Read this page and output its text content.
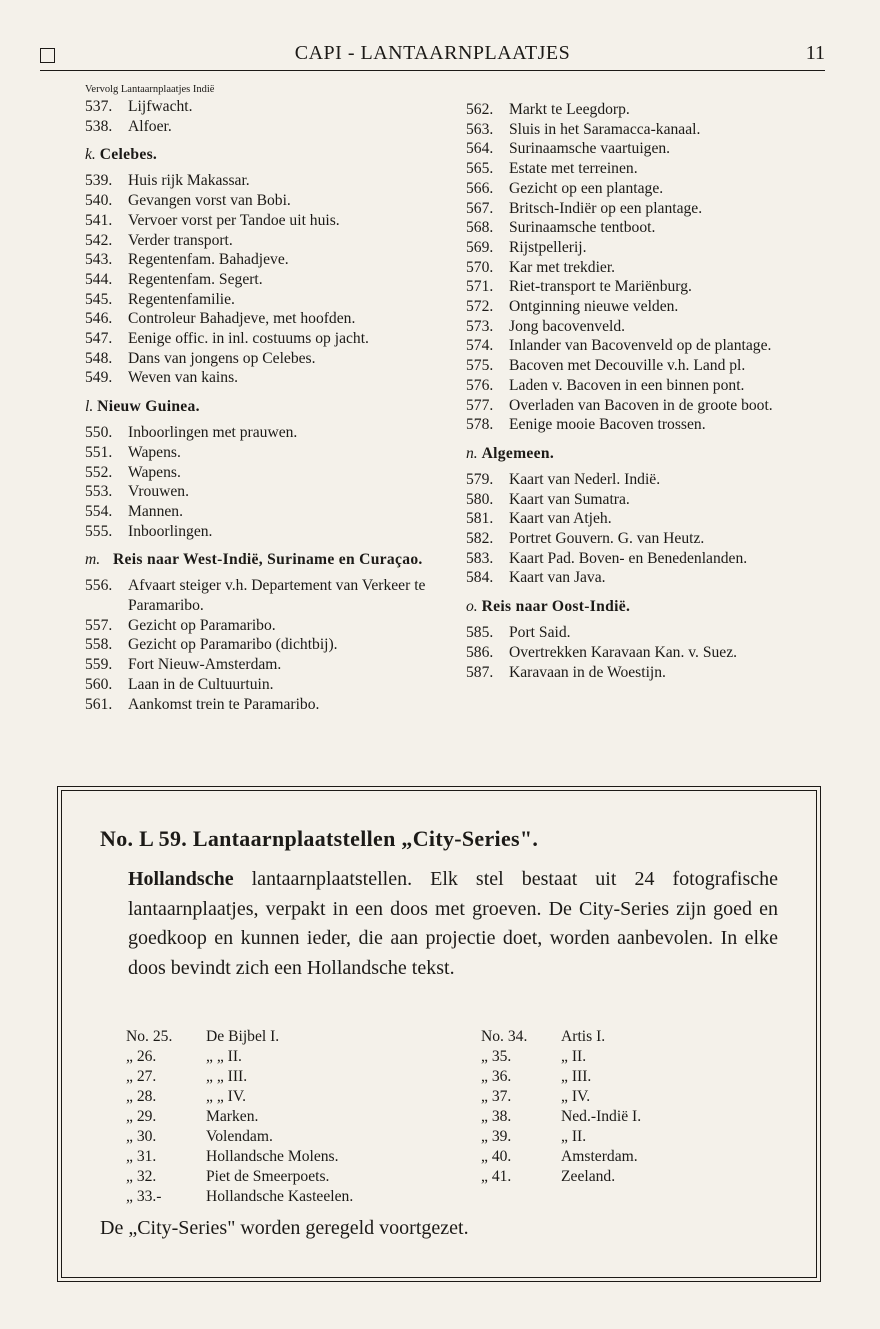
CAPI - LANTAARNPLAATJES	11
Vervolg Lantaarnplaatjes Indië
537.	Lijfwacht.
538.	Alfoer.
k. Celebes.
539.	Huis rijk Makassar.
540.	Gevangen vorst van Bobi.
541.	Vervoer vorst per Tandoe uit huis.
542.	Verder transport.
543.	Regentenfam. Bahadjeve.
544.	Regentenfam. Segert.
545.	Regentenfamilie.
546.	Controleur Bahadjeve, met hoofden.
547.	Eenige offic. in inl. costuums op jacht.
548.	Dans van jongens op Celebes.
549.	Weven van kains.
l. Nieuw Guinea.
550.	Inboorlingen met prauwen.
551.	Wapens.
552.	Wapens.
553.	Vrouwen.
554.	Mannen.
555.	Inboorlingen.
m. Reis naar West-Indië, Suriname en Curaçao.
556.	Afvaart steiger v.h. Departement van Verkeer te Paramaribo.
557.	Gezicht op Paramaribo.
558.	Gezicht op Paramaribo (dichtbij).
559.	Fort Nieuw-Amsterdam.
560.	Laan in de Cultuurtuin.
561.	Aankomst trein te Paramaribo.
562.	Markt te Leegdorp.
563.	Sluis in het Saramacca-kanaal.
564.	Surinaamsche vaartuigen.
565.	Estate met terreinen.
566.	Gezicht op een plantage.
567.	Britsch-Indiër op een plantage.
568.	Surinaamsche tentboot.
569.	Rijstpellerij.
570.	Kar met trekdier.
571.	Riet-transport te Mariënburg.
572.	Ontginning nieuwe velden.
573.	Jong bacovenveld.
574.	Inlander van Bacovenveld op de plantage.
575.	Bacoven met Decouville v.h. Land pl.
576.	Laden v. Bacoven in een binnen pont.
577.	Overladen van Bacoven in de groote boot.
578.	Eenige mooie Bacoven trossen.
n. Algemeen.
579.	Kaart van Nederl. Indië.
580.	Kaart van Sumatra.
581.	Kaart van Atjeh.
582.	Portret Gouvern. G. van Heutz.
583.	Kaart Pad. Boven- en Benedenlanden.
584.	Kaart van Java.
o. Reis naar Oost-Indië.
585.	Port Said.
586.	Overtrekken Karavaan Kan. v. Suez.
587.	Karavaan in de Woestijn.
No. L 59. Lantaarnplaatstellen „City-Series".
Hollandsche lantaarnplaatstellen. Elk stel bestaat uit 24 fotografische lantaarnplaatjes, verpakt in een doos met groeven. De City-Series zijn goed en goedkoop en kunnen ieder, die aan projectie doet, worden aanbevolen. In elke doos bevindt zich een Hollandsche tekst.
No. 25.	De Bijbel I.
„ 26.	„ „ II.
„ 27.	„ „ III.
„ 28.	„ „ IV.
„ 29.	Marken.
„ 30.	Volendam.
„ 31.	Hollandsche Molens.
„ 32.	Piet de Smeerpoets.
„ 33.-	Hollandsche Kasteelen.
No. 34.	Artis I.
„ 35.	„ II.
„ 36.	„ III.
„ 37.	„ IV.
„ 38.	Ned.-Indië I.
„ 39.	„ II.
„ 40.	Amsterdam.
„ 41.	Zeeland.
De „City-Series" worden geregeld voortgezet.
